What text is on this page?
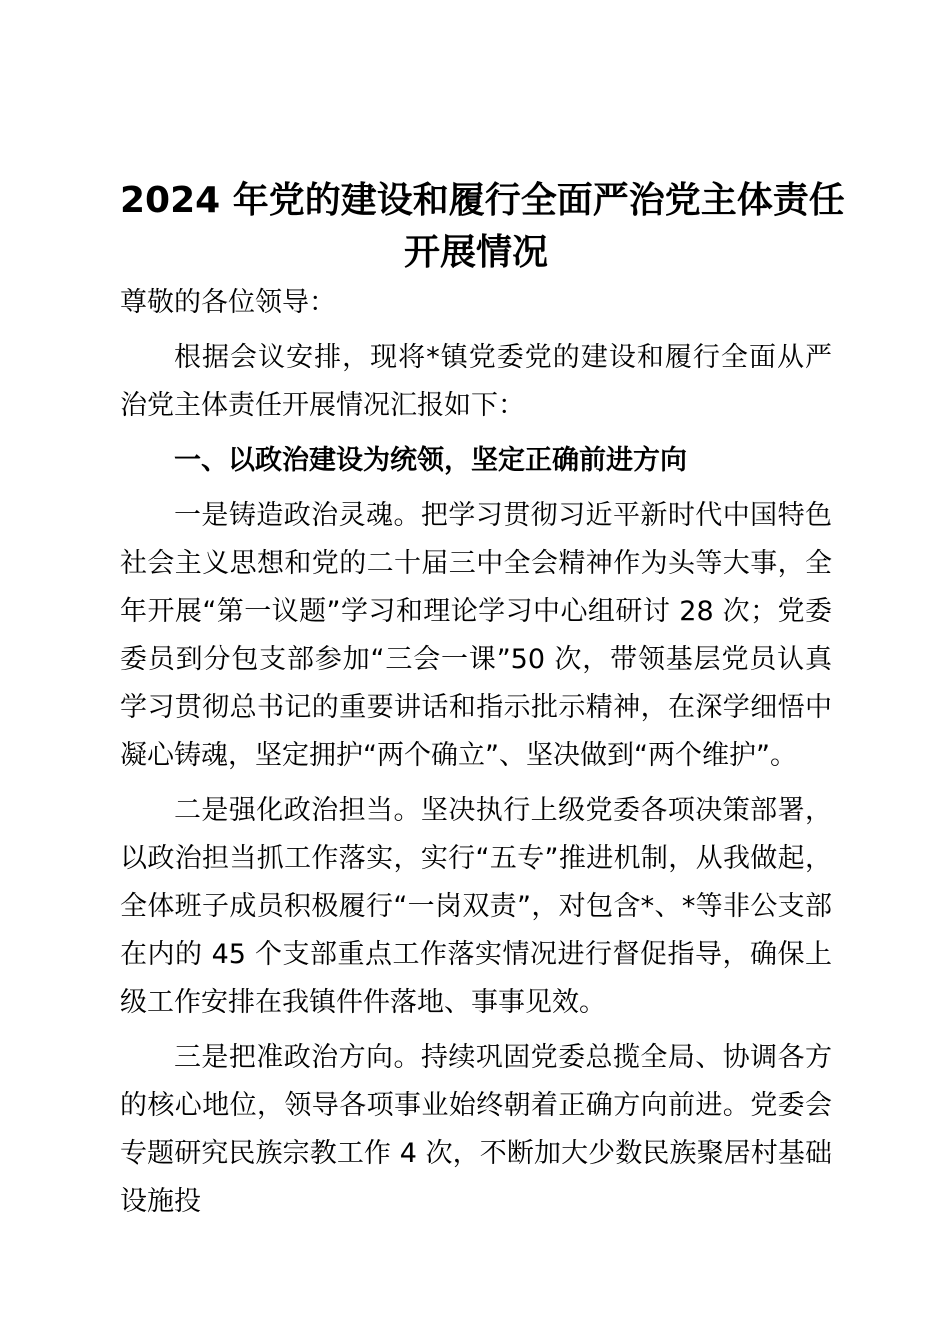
2024 年党的建设和履行全面严治党主体责任
开展情况

尊敬的各位领导：

根据会议安排，现将*镇党委党的建设和履行全面从严治党主体责任开展情况汇报如下：

一、以政治建设为统领，坚定正确前进方向

一是铸造政治灵魂。把学习贯彻习近平新时代中国特色社会主义思想和党的二十届三中全会精神作为头等大事，全年开展“第一议题”学习和理论学习中心组研讨 28 次；党委委员到分包支部参加“三会一课”50 次，带领基层党员认真学习贯彻总书记的重要讲话和指示批示精神，在深学细悟中凝心铸魂，坚定拥护“两个确立”、坚决做到“两个维护”。

二是强化政治担当。坚决执行上级党委各项决策部署，以政治担当抓工作落实，实行“五专”推进机制，从我做起，全体班子成员积极履行“一岗双责”，对包含*、*等非公支部在内的 45 个支部重点工作落实情况进行督促指导，确保上级工作安排在我镇件件落地、事事见效。

三是把准政治方向。持续巩固党委总揽全局、协调各方的核心地位，领导各项事业始终朝着正确方向前进。党委会专题研究民族宗教工作 4 次，不断加大少数民族聚居村基础设施投
